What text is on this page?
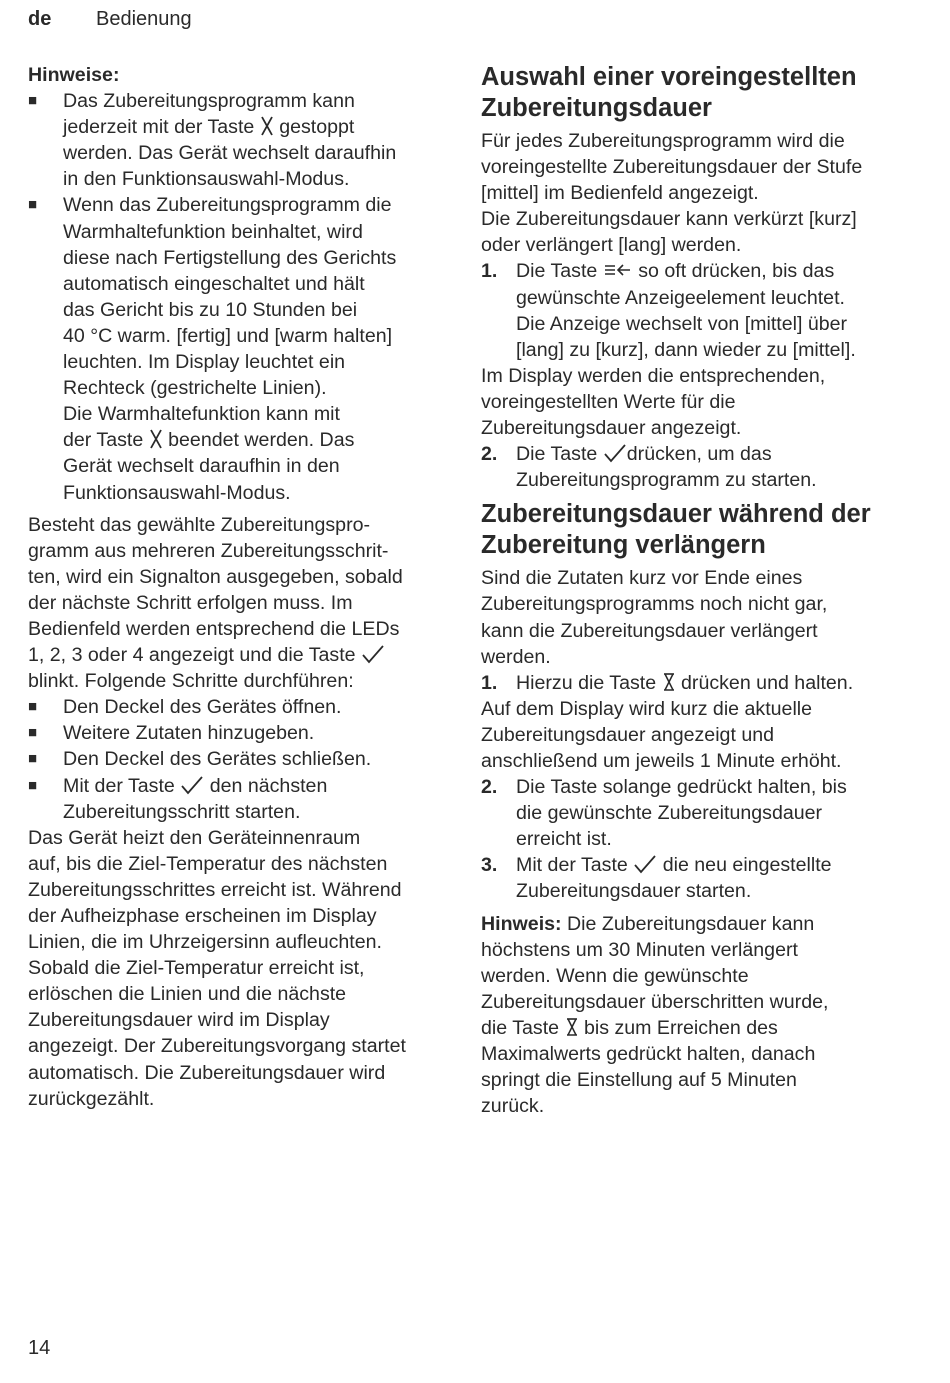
de Bedienung

Hinweise:

■ Das Zubereitungsprogramm kann
jederzeit mit der Taste
gestoppt
werden. Das Gerät wechselt daraufhin
in den Funktionsauswahl-Modus.
■ Wenn das Zubereitungsprogramm die
Warmhaltefunktion beinhaltet, wird
diese nach Fertigstellung des Gerichts
automatisch eingeschaltet und hält
das Gericht bis zu 10 Stunden bei
40 °C warm. [fertig] und [warm halten]
leuchten. Im Display leuchtet ein
Rechteck (gestrichelte Linien).
Die Warmhaltefunktion kann mit
der Taste
beendet werden. Das
Gerät wechselt daraufhin in den
Funktionsauswahl-Modus.

Besteht das gewählte Zubereitungspro-
gramm aus mehreren Zubereitungsschrit-
ten, wird ein Signalton ausgegeben, sobald
der nächste Schritt erfolgen muss. Im
Bedienfeld werden entsprechend die LEDs
1, 2, 3 oder 4 angezeigt und die Taste

blinkt. Folgende Schritte durchführen:

■ Den Deckel des Gerätes öffnen.
■ Weitere Zutaten hinzugeben.
■ Den Deckel des Gerätes schließen.
■ Mit der Taste
den nächsten
Zubereitungsschritt starten.

Das Gerät heizt den Geräteinnenraum
auf, bis die Ziel-Temperatur des nächsten
Zubereitungsschrittes erreicht ist. Während
der Aufheizphase erscheinen im Display
Linien, die im Uhrzeigersinn aufleuchten.
Sobald die Ziel-Temperatur erreicht ist,
erlöschen die Linien und die nächste
Zubereitungsdauer wird im Display
angezeigt. Der Zubereitungsvorgang startet
automatisch. Die Zubereitungsdauer wird
zurückgezählt.

Auswahl einer voreingestellten
Zubereitungsdauer

Für jedes Zubereitungsprogramm wird die
voreingestellte Zubereitungsdauer der Stufe
[mittel] im Bedienfeld angezeigt.
Die Zubereitungsdauer kann verkürzt [kurz]
oder verlängert [lang] werden.

1. Die Taste
so oft drücken, bis das
gewünschte Anzeigeelement leuchtet.
Die Anzeige wechselt von [mittel] über
[lang] zu [kurz], dann wieder zu [mittel].

Im Display werden die entsprechenden,
voreingestellten Werte für die
Zubereitungsdauer angezeigt.

2. Die Taste
drücken, um das
Zubereitungsprogramm zu starten.
Zubereitungsdauer während der
Zubereitung verlängern

Sind die Zutaten kurz vor Ende eines
Zubereitungsprogramms noch nicht gar,
kann die Zubereitungsdauer verlängert
werden.

1. Hierzu die Taste
drücken und halten.

Auf dem Display wird kurz die aktuelle
Zubereitungsdauer angezeigt und
anschließend um jeweils 1 Minute erhöht.

2. Die Taste solange gedrückt halten, bis
die gewünschte Zubereitungsdauer
erreicht ist.
3. Mit der Taste
die neu eingestellte
Zubereitungsdauer starten.

Hinweis: Die Zubereitungsdauer kann
höchstens um 30 Minuten verlängert
werden. Wenn die gewünschte
Zubereitungsdauer überschritten wurde,
die Taste
bis zum Erreichen des
Maximalwerts gedrückt halten, danach
springt die Einstellung auf 5 Minuten
zurück.

14
